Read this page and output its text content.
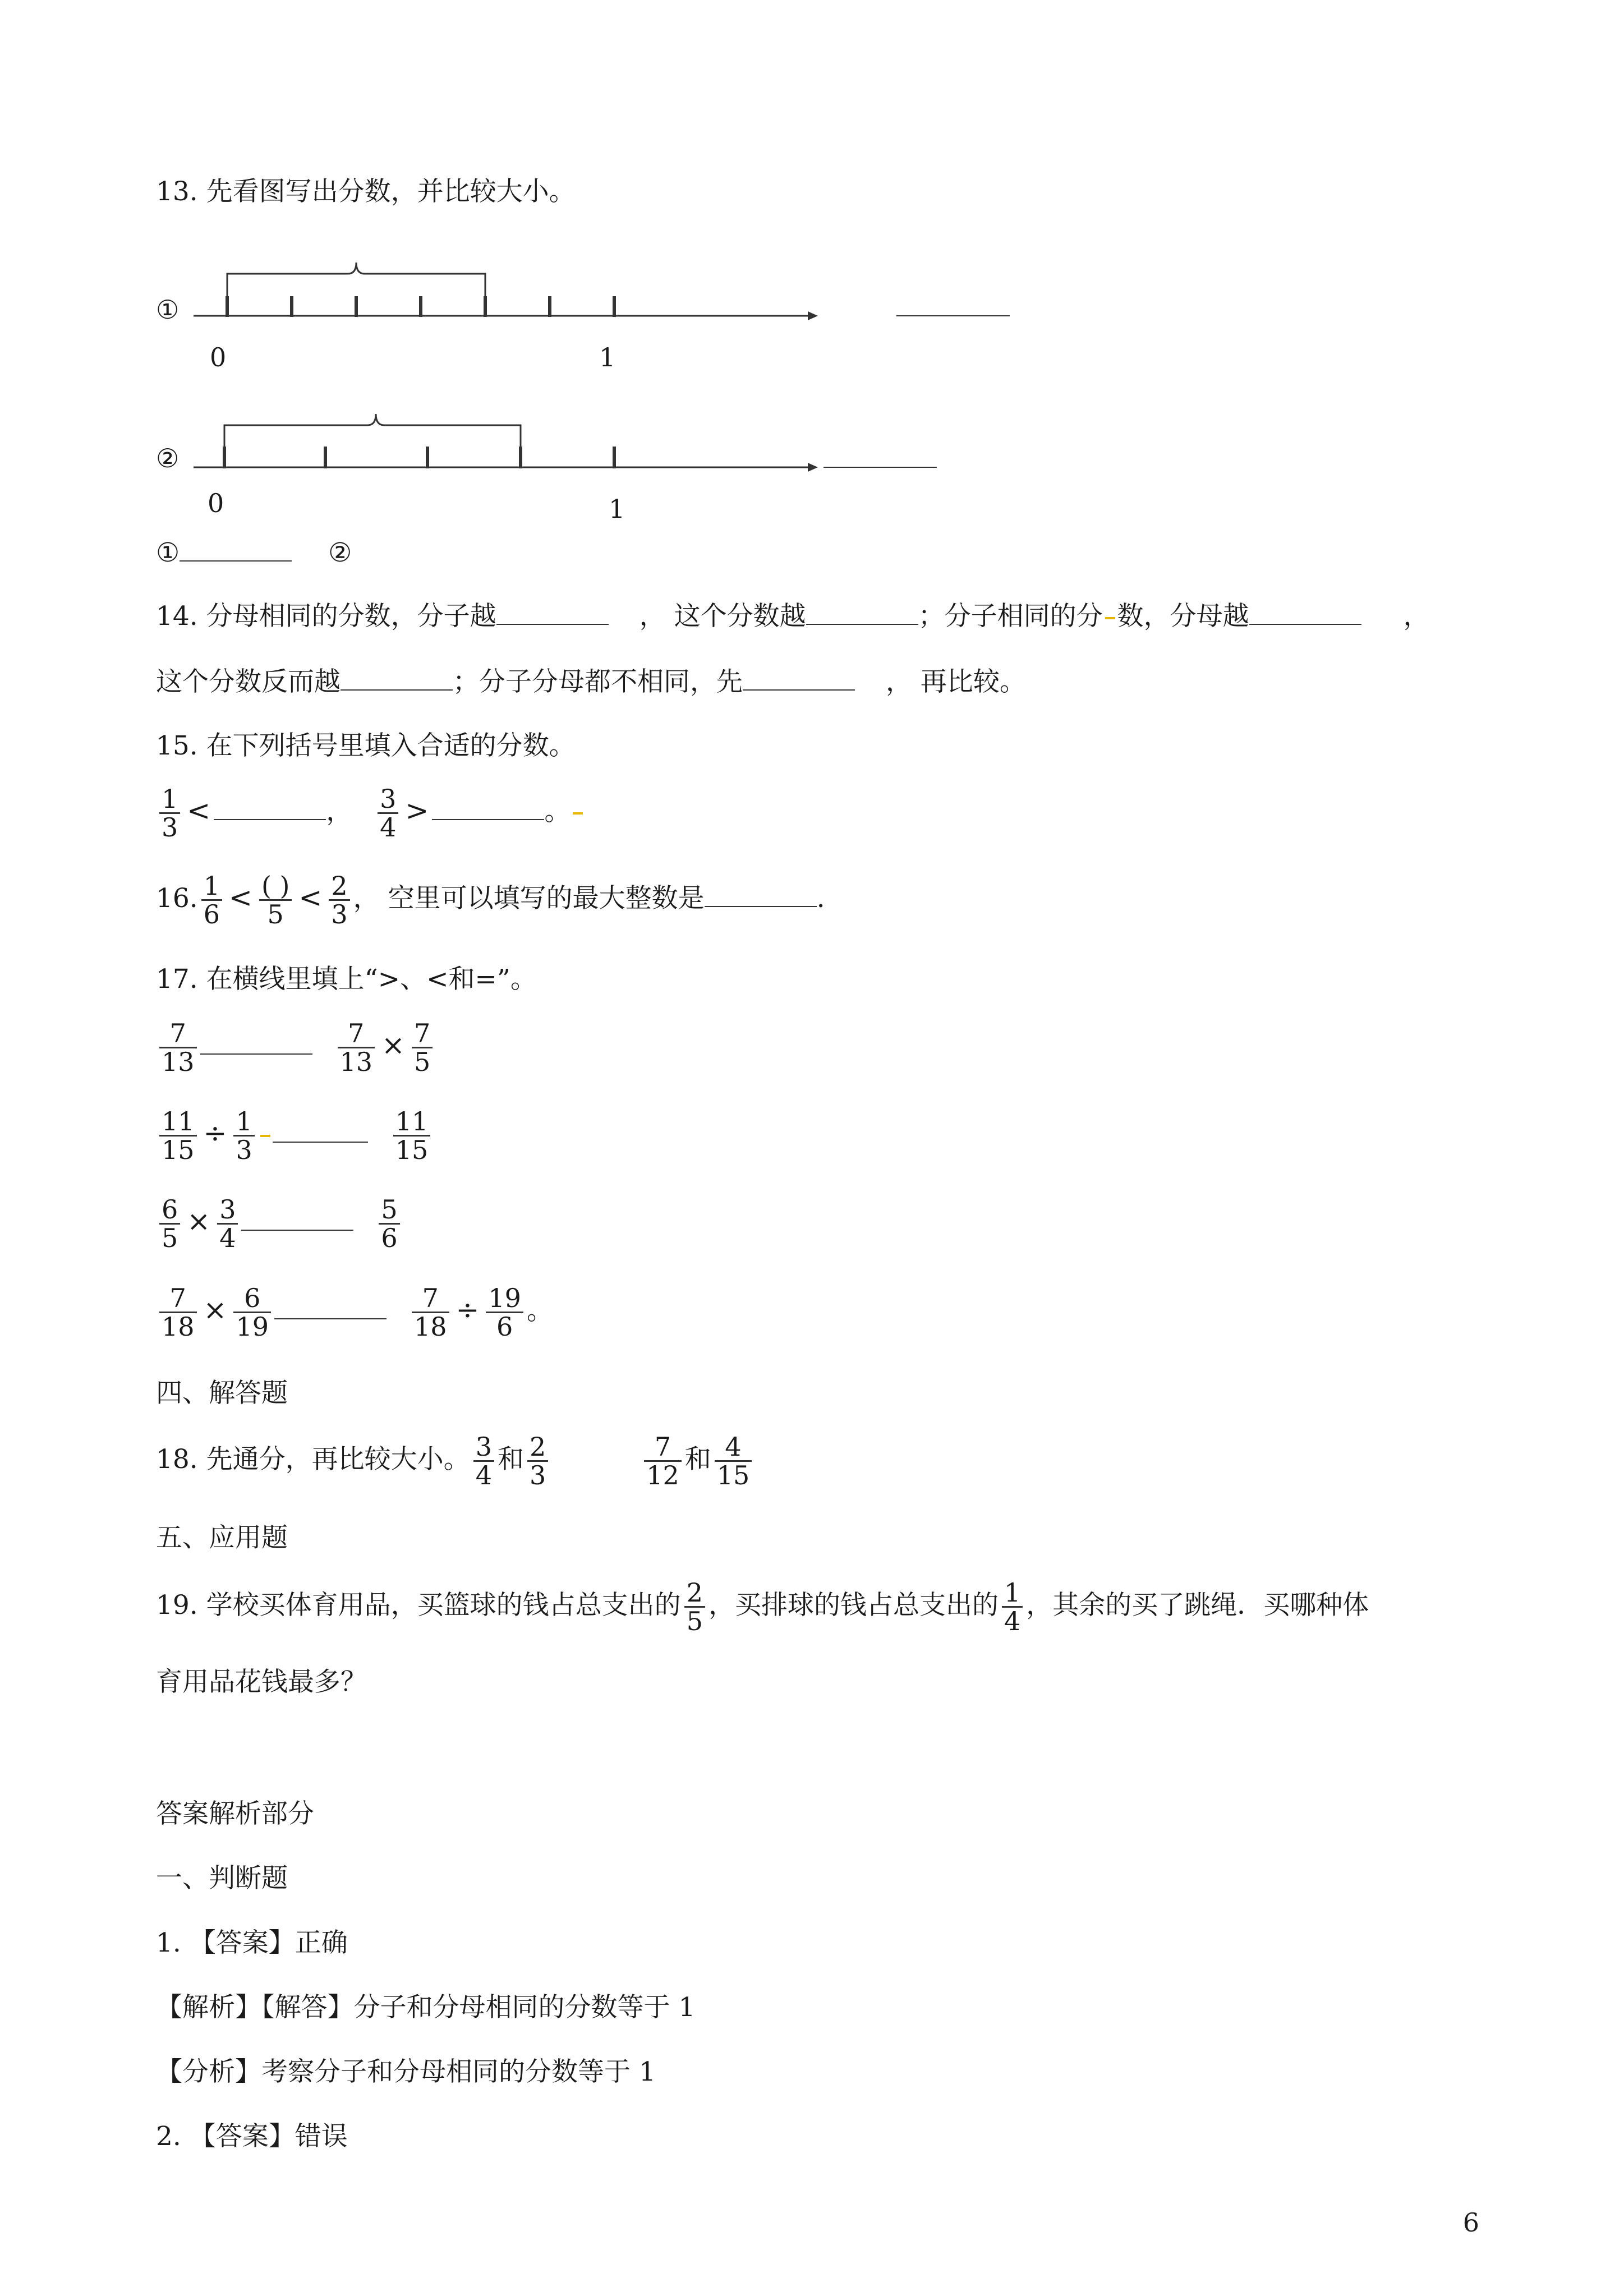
13. 先看图写出分数，并比较大小。
①
0	1
②
0	1
①	②
14. 分母相同的分数，分子越	， 这个分数越	；分子相同的分 数，分母越	，
这个分数反而越	；分子分母都不相同，先	， 再比较。
15. 在下列括号里填入合适的分数。
$\frac{1}{3}$ <	， $\frac{3}{4}$ >	。
16. $\frac{1}{6} < \frac{( )}{5} < \frac{2}{3}$ ， 空里可以填写的最大整数是	.
17. 在横线里填上“>、<和=”。
$\frac{7}{13}$
	$\frac{7}{13} \times \frac{7}{5}$
$\frac{11}{15} \div \frac{1}{3}$
	$\frac{11}{15}$
$\frac{6}{5} \times \frac{3}{4}$
	$\frac{5}{6}$
$\frac{7}{18} \times \frac{6}{19}$
	$\frac{7}{18} \div \frac{19}{6}$ 。
四、解答题
18. 先通分，再比较大小。 $\frac{3}{4}$ 和 $\frac{2}{3}$
	$\frac{7}{12}$ 和 $\frac{4}{15}$
五、应用题
19. 学校买体育用品，买篮球的钱占总支出的 $\frac{2}{5}$ ，买排球的钱占总支出的 $\frac{1}{4}$ ，其余的买了跳绳．买哪种体
育用品花钱最多？
答案解析部分
一、判断题
1. 【答案】正确
【解析】【解答】分子和分母相同的分数等于 1
【分析】考察分子和分母相同的分数等于 1
2. 【答案】错误
6
